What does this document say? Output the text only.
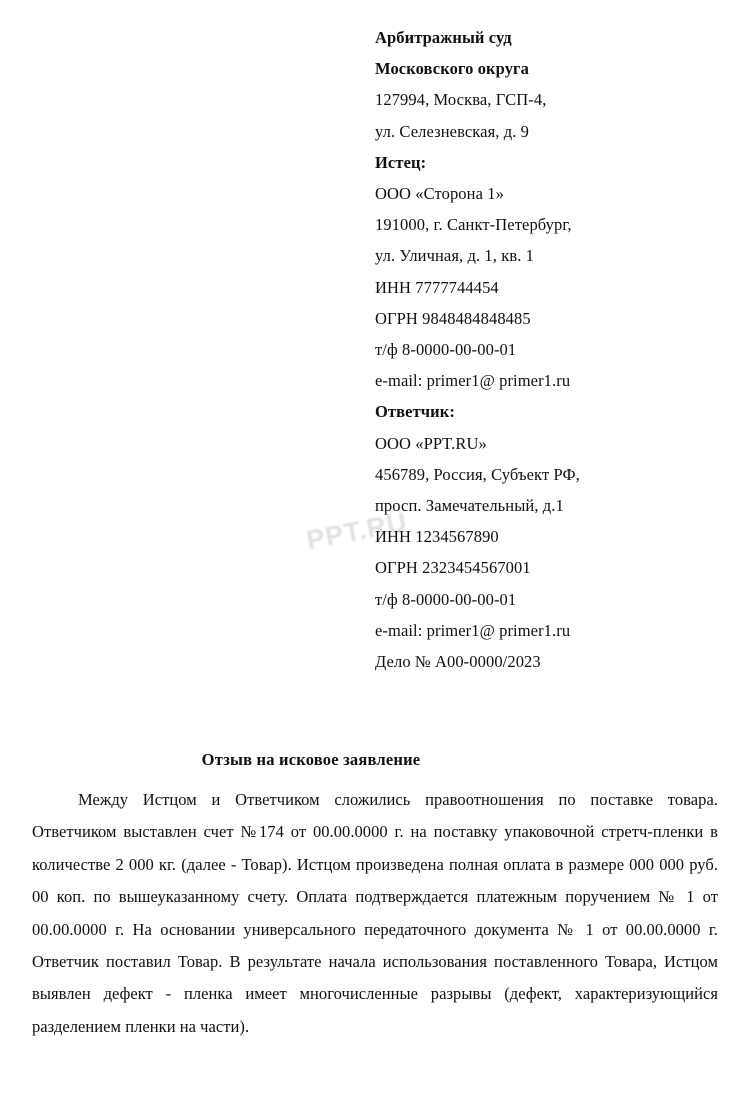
PPT.RU
Арбитражный суд
Московского округа
127994, Москва, ГСП-4,
ул. Селезневская, д. 9
Истец:
ООО «Сторона 1»
191000, г. Санкт-Петербург,
ул. Уличная, д. 1, кв. 1
ИНН 7777744454
ОГРН 9848484848485
т/ф 8-0000-00-00-01
e-mail: primer1@ primer1.ru
Ответчик:
ООО «PPT.RU»
456789, Россия, Субъект РФ,
просп. Замечательный, д.1
ИНН 1234567890
ОГРН 2323454567001
т/ф 8-0000-00-00-01
e-mail: primer1@ primer1.ru
Дело № А00-0000/2023
Отзыв на исковое заявление

Между Истцом и Ответчиком сложились правоотношения по поставке товара. Ответчиком выставлен счет №174 от 00.00.0000 г. на поставку упаковочной стретч-пленки в количестве 2 000 кг. (далее - Товар). Истцом произведена полная оплата в размере 000 000 руб. 00 коп. по вышеуказанному счету. Оплата подтверждается платежным поручением № 1 от 00.00.0000 г. На основании универсального передаточного документа № 1 от 00.00.0000 г. Ответчик поставил Товар. В результате начала использования поставленного Товара, Истцом выявлен дефект - пленка имеет многочисленные разрывы (дефект, характеризующийся разделением пленки на части).
